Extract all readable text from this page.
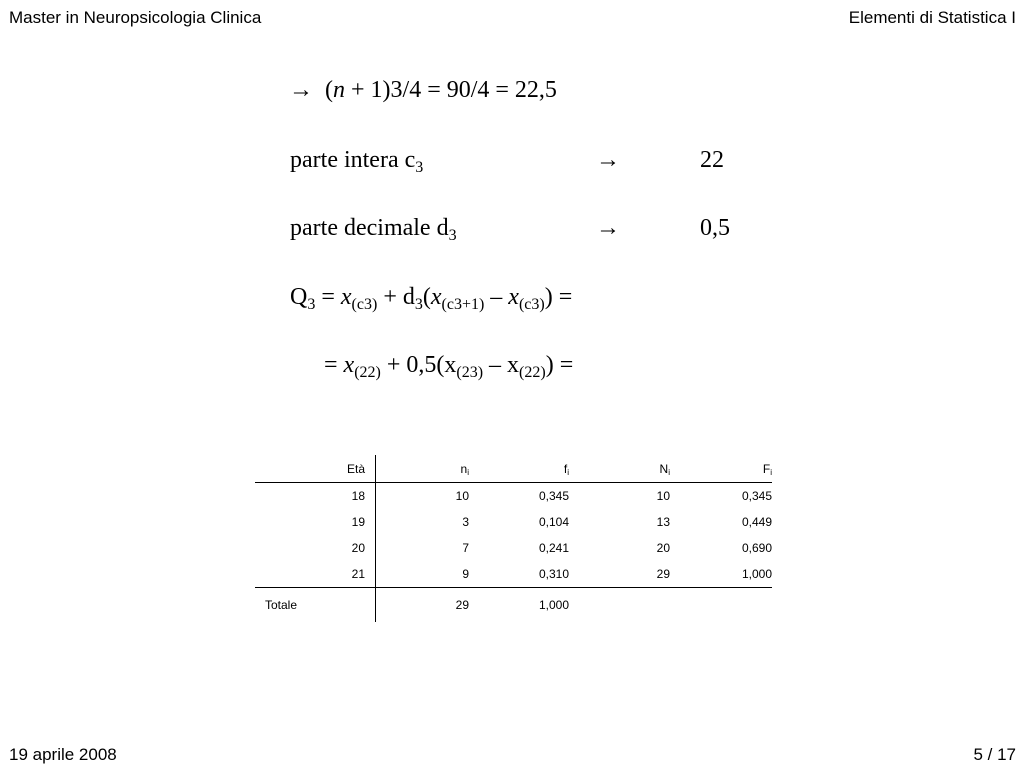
Master in Neuropsicologia Clinica	Elementi di Statistica I
→ (n + 1)3/4 = 90/4 = 22,5
parte intera $c_3$	→	22
parte decimale $d_3$	→	0,5
$Q_3 = x_{(c3)} + d_3(x_{(c3+1)} - x_{(c3)})$ =
= $x_{(22)} + 0,5(x_{(23)} - x_{(22)})$ =
Età	$n_i$	$f_i$	$N_i$	$F_i$
18	10	0,345	10	0,345
19	3	0,104	13	0,449
20	7	0,241	20	0,690
21	9	0,310	29	1,000
Totale	29	1,000		
19 aprile 2008	5 / 17
